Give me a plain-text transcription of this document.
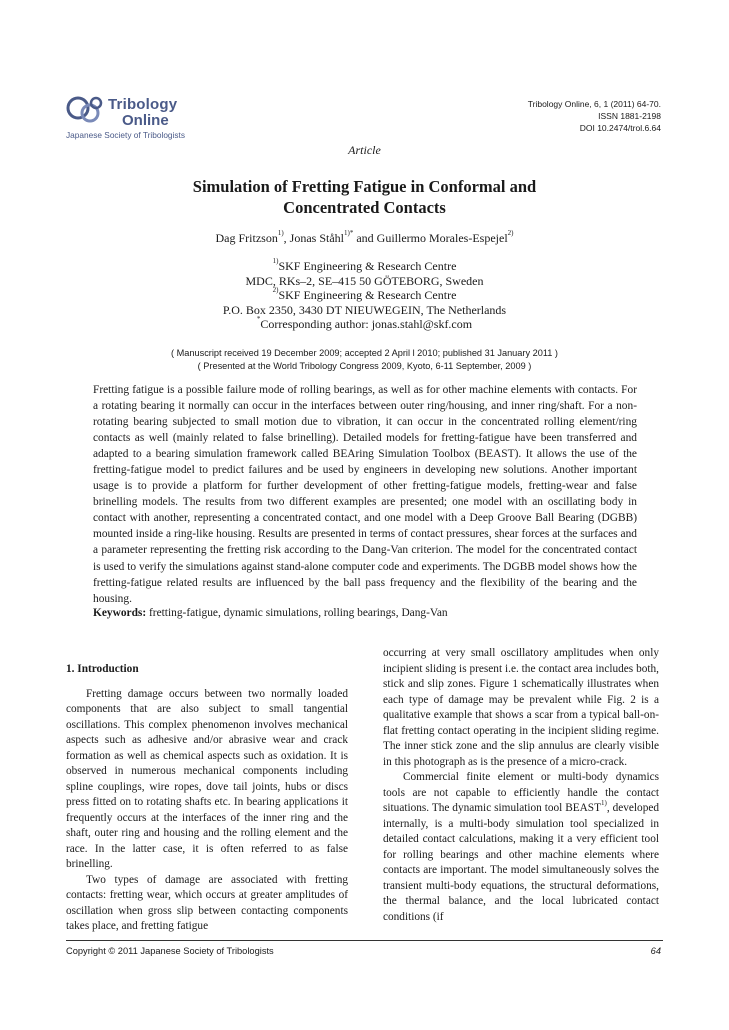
Tribology
Online
Japanese Society of Tribologists
Tribology Online, 6, 1 (2011) 64-70.
ISSN 1881-2198
DOI 10.2474/trol.6.64
Article
Simulation of Fretting Fatigue in Conformal and
Concentrated Contacts
Dag Fritzson$^{1)}$, Jonas Ståhl$^{1)*}$ and Guillermo Morales-Espejel$^{2)}$
$^{1)}$SKF Engineering & Research Centre
MDC, RKs–2, SE–415 50 GÖTEBORG, Sweden
$^{2)}$SKF Engineering & Research Centre
P.O. Box 2350, 3430 DT NIEUWEGEIN, The Netherlands
*Corresponding author: jonas.stahl@skf.com
( Manuscript received 19 December 2009; accepted 2 April l 2010; published 31 January 2011 )
( Presented at the World Tribology Congress 2009, Kyoto, 6-11 September, 2009 )
Fretting fatigue is a possible failure mode of rolling bearings, as well as for other machine elements with contacts. For a rotating bearing it normally can occur in the interfaces between outer ring/housing, and inner ring/shaft. For a non-rotating bearing subjected to small motion due to vibration, it can occur in the concentrated rolling element/ring contacts as well (mainly related to false brinelling). Detailed models for fretting-fatigue have been transferred and adapted to a bearing simulation framework called BEAring Simulation Toolbox (BEAST). It allows the use of the fretting-fatigue model to predict failures and be used by engineers in developing new solutions. Another important usage is to provide a platform for further development of other fretting-fatigue models, fretting-wear and false brinelling models. The results from two different examples are presented; one model with an oscillating body in contact with another, representing a concentrated contact, and one model with a Deep Groove Ball Bearing (DGBB) mounted inside a ring-like housing. Results are presented in terms of contact pressures, shear forces at the surfaces and a parameter representing the fretting risk according to the Dang-Van criterion. The model for the concentrated contact is used to verify the simulations against stand-alone computer code and experiments. The DGBB model shows how the fretting-fatigue related results are influenced by the ball pass frequency and the flexibility of the bearing and the housing.
Keywords: fretting-fatigue, dynamic simulations, rolling bearings, Dang-Van
1. Introduction

Fretting damage occurs between two normally loaded components that are also subject to small tangential oscillations. This complex phenomenon involves mechanical aspects such as adhesive and/or abrasive wear and crack formation as well as chemical aspects such as oxidation. It is observed in numerous mechanical components including spline couplings, wire ropes, dove tail joints, hubs or discs press fitted on to rotating shafts etc. In bearing applications it frequently occurs at the interfaces of the inner ring and the shaft, outer ring and housing and the rolling element and the race. In the latter case, it is often referred to as false brinelling.

Two types of damage are associated with fretting contacts: fretting wear, which occurs at greater amplitudes of oscillation when gross slip between contacting components takes place, and fretting fatigue

occurring at very small oscillatory amplitudes when only incipient sliding is present i.e. the contact area includes both, stick and slip zones. Figure 1 schematically illustrates when each type of damage may be prevalent while Fig. 2 is a qualitative example that shows a scar from a typical ball-on-flat fretting contact operating in the incipient sliding regime. The inner stick zone and the slip annulus are clearly visible in this photograph as is the presence of a micro-crack.

Commercial finite element or multi-body dynamics tools are not capable to efficiently handle the contact situations. The dynamic simulation tool BEAST$^{1)}$, developed internally, is a multi-body simulation tool specialized in detailed contact calculations, making it a very efficient tool for rolling bearings and other machine elements where contacts are important. The model simultaneously solves the transient multi-body equations, the structural deformations, the thermal balance, and the local lubricated contact conditions (if

Copyright © 2011 Japanese Society of Tribologists	64
